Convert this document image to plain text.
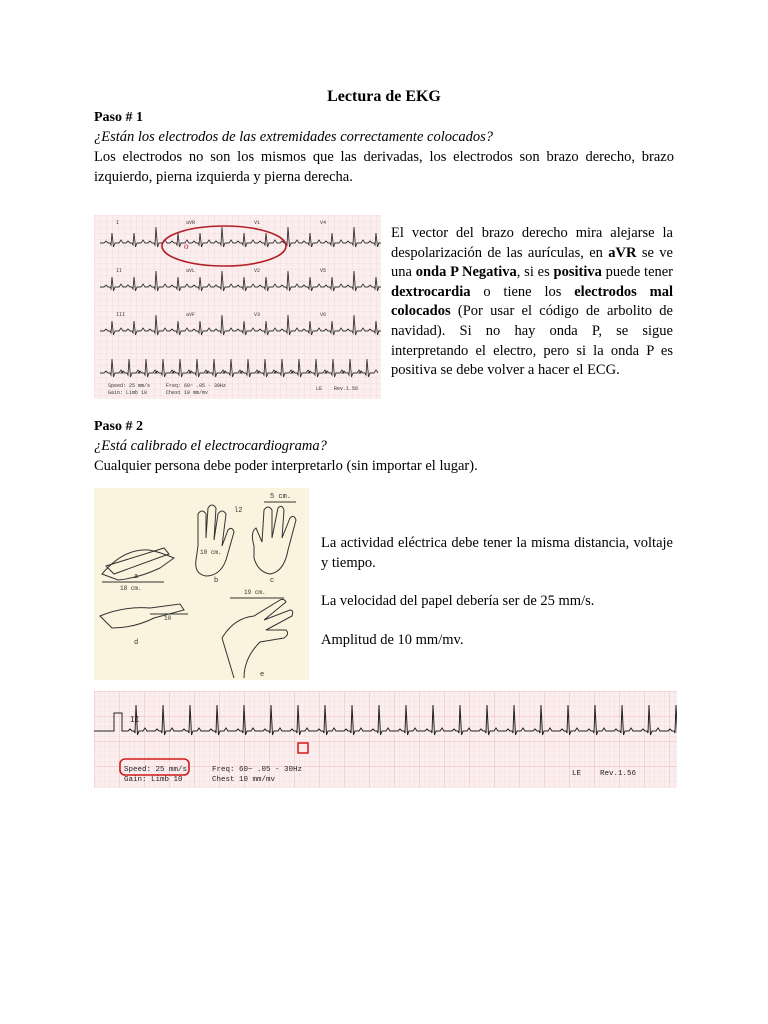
Lectura de EKG
Paso # 1
¿Están los electrodos de las extremidades correctamente colocados?
Los electrodos no son los mismos que las derivadas, los electrodos son brazo derecho, brazo izquierdo, pierna izquierda y pierna derecha.
I	aVR	V1	V4
II	aVL	V2	V5
III	aVF	V3	V6
Speed: 25 mm/s
Gain: Limb 10
Freq: 60~ .05 - 30Hz
Chest 10 mm/mv
LE Rev.1.56
o
El vector del brazo derecho mira alejarse la despolarización de las aurículas, en aVR se ve una onda P Negativa, si es positiva puede tener dextrocardia o tiene los electrodos mal colocados (Por usar el código de arbolito de navidad). Si no hay onda P, se sigue interpretando el electro, pero si la onda P es positiva se debe volver a hacer el ECG.
Paso # 2
¿Está calibrado el electrocardiograma?
Cualquier persona debe poder interpretarlo (sin importar el lugar).
b
10 cm.
5 cm.
c
l2
a
18 cm.
10
d
19 cm.
e

La actividad eléctrica debe tener la misma distancia, voltaje y tiempo.

La velocidad del papel debería ser de 25 mm/s.

Amplitud de 10 mm/mv.

II
Speed: 25 mm/s
Gain: Limb 10
Freq: 60~ .05 - 30Hz
Chest 10 mm/mv
LE	Rev.1.56
